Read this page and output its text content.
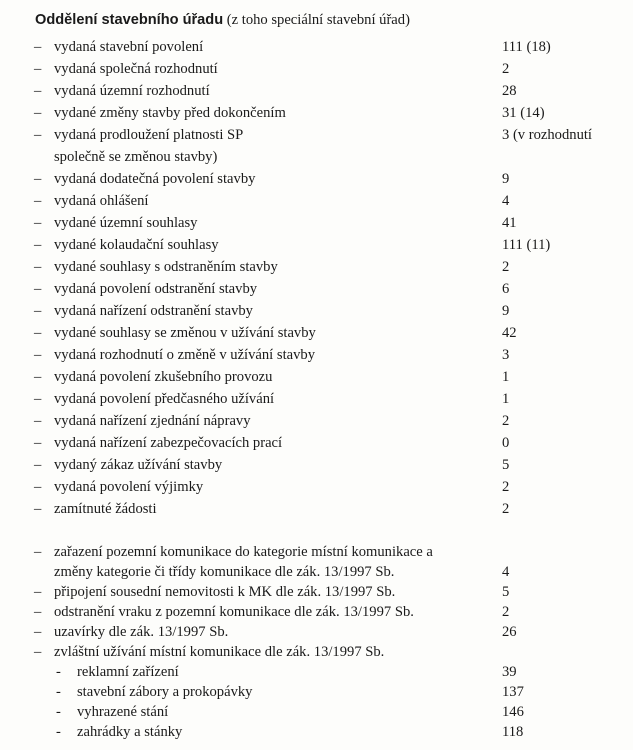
Oddělení stavebního úřadu (z toho speciální stavební úřad)
– vydaná stavební povolení	111 (18)
– vydaná společná rozhodnutí	2
– vydaná územní rozhodnutí	28
– vydané změny stavby před dokončením	31 (14)
– vydaná prodloužení platnosti SP	3 (v rozhodnutí
společně se změnou stavby)
– vydaná dodatečná povolení stavby	9
– vydaná ohlášení	4
– vydané územní souhlasy	41
– vydané kolaudační souhlasy	111 (11)
– vydané souhlasy s odstraněním stavby	2
– vydaná povolení odstranění stavby	6
– vydaná nařízení odstranění stavby	9
– vydané souhlasy se změnou v užívání stavby	42
– vydaná rozhodnutí o změně v užívání stavby	3
– vydaná povolení zkušebního provozu	1
– vydaná povolení předčasného užívání	1
– vydaná nařízení zjednání nápravy	2
– vydaná nařízení zabezpečovacích prací	0
– vydaný zákaz užívání stavby	5
– vydaná povolení výjimky	2
– zamítnuté žádosti	2
– zařazení pozemní komunikace do kategorie místní komunikace a
změny kategorie či třídy komunikace dle zák. 13/1997 Sb.	4
– připojení sousední nemovitosti k MK dle zák. 13/1997 Sb.	5
– odstranění vraku z pozemní komunikace dle zák. 13/1997 Sb.	2
– uzavírky dle zák. 13/1997 Sb.	26
– zvláštní užívání místní komunikace dle zák. 13/1997 Sb.
-	reklamní zařízení	39
-	stavební zábory a prokopávky	137
-	vyhrazené stání	146
-	zahrádky a stánky	118
